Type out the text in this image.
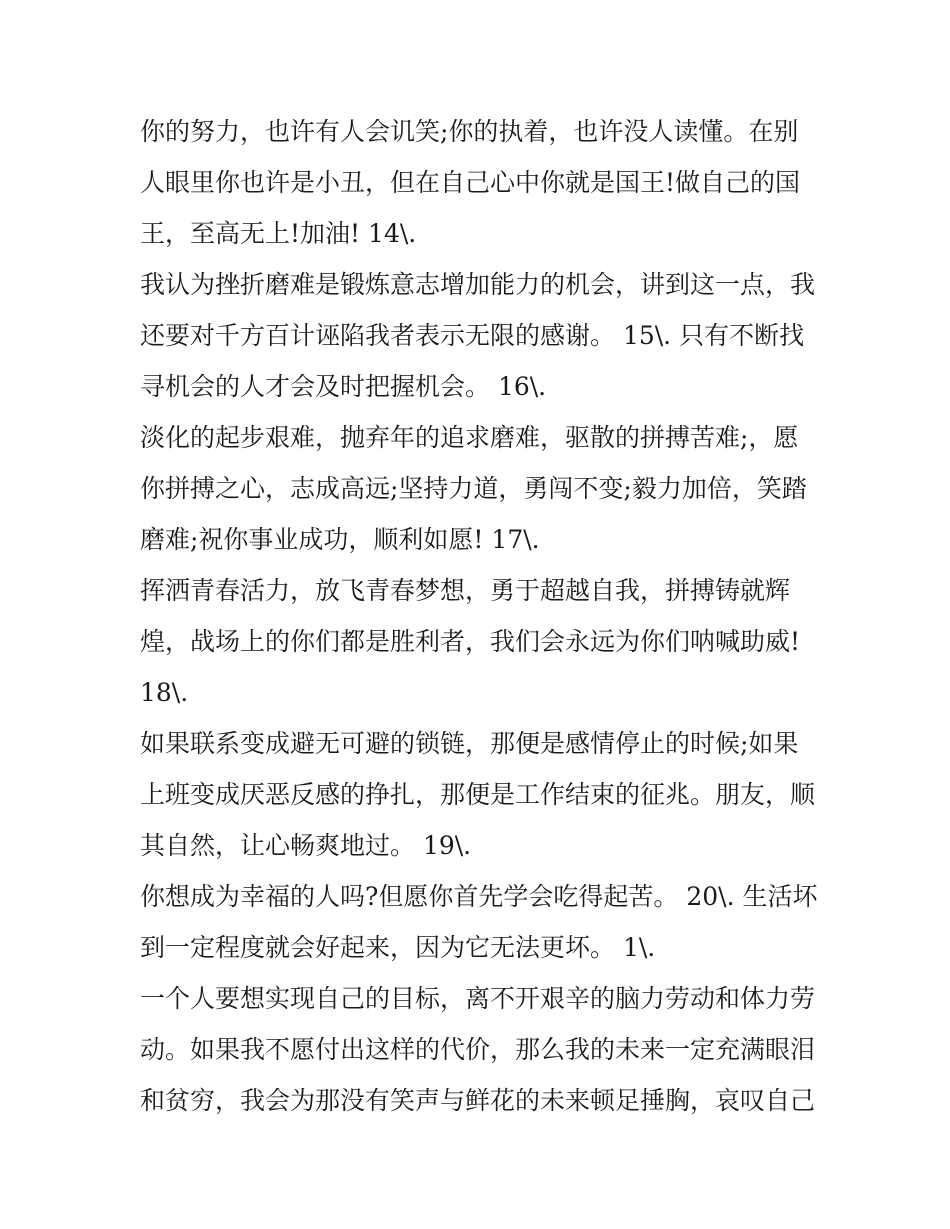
你的努力，也许有人会讥笑;你的执着，也许没人读懂。在别
人眼里你也许是小丑，但在自己心中你就是国王!做自己的国
王，至高无上!加油! 14\.
我认为挫折磨难是锻炼意志增加能力的机会，讲到这一点，我
还要对千方百计诬陷我者表示无限的感谢。 15\. 只有不断找
寻机会的人才会及时把握机会。 16\.
淡化的起步艰难，抛弃年的追求磨难，驱散的拼搏苦难;，愿
你拼搏之心，志成高远;坚持力道，勇闯不变;毅力加倍，笑踏
磨难;祝你事业成功，顺利如愿! 17\.
挥洒青春活力，放飞青春梦想，勇于超越自我，拼搏铸就辉
煌，战场上的你们都是胜利者，我们会永远为你们呐喊助威!
18\.
如果联系变成避无可避的锁链，那便是感情停止的时候;如果
上班变成厌恶反感的挣扎，那便是工作结束的征兆。朋友，顺
其自然，让心畅爽地过。 19\.
你想成为幸福的人吗?但愿你首先学会吃得起苦。 20\. 生活坏
到一定程度就会好起来，因为它无法更坏。 1\.
一个人要想实现自己的目标，离不开艰辛的脑力劳动和体力劳
动。如果我不愿付出这样的代价，那么我的未来一定充满眼泪
和贫穷，我会为那没有笑声与鲜花的未来顿足捶胸，哀叹自己
